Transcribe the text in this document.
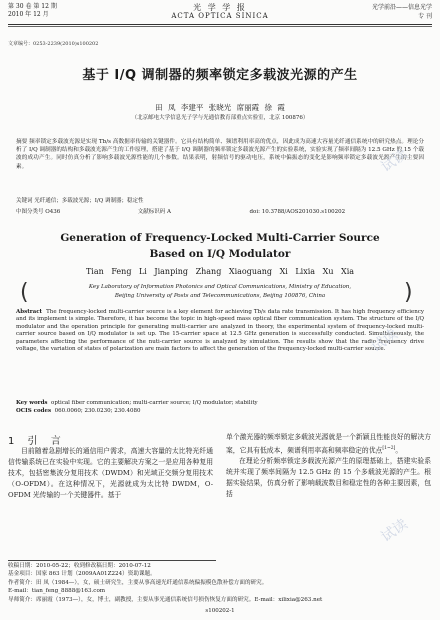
第 30 卷 第 12 期
2010 年 12 月
光 学 学 报
ACTA OPTICA SINICA
光学前沿——信息光学
专 刊
文章编号：0253-2239(2010)s100202
基于 I/Q 调制器的频率锁定多载波光源的产生
田 凤 李建平 张晓光 席丽霞 徐 霞
（北京邮电大学信息光子学与光通信教育部重点实验室，北京 100876）
摘要 频率锁定多载波光源是实现 Tb/s 高数据率传输的关键器件。它具有结构简单、频谱利用率高的优点，因此成为高速大容量光纤通信系统中的研究热点。理论分析了 I/Q 调制器的结构和多载波光源产生的工作原理，搭建了基于 I/Q 调制器的频率锁定多载波光源产生的实验系统，实验实现了频率间隔为 12.5 GHz 的 15 个载波的成功产生。同时仿真分析了影响多载波光源性能的几个参数。结果表明，射频信号的驱动电压，系统中偏振态的变化是影响频率锁定多载波光源产生的主要因素。
关键词 光纤通信；多载波光源；I/Q 调制器；稳定性
中图分类号 O436	文献标识码 A	doi: 10.3788/AOS201030.s100202
Generation of Frequency-Locked Multi-Carrier Source
Based on I/Q Modulator
Tian Feng Li Jianping Zhang Xiaoguang Xi Lixia Xu Xia
(	)
Key Laboratory of Information Photonics and Optical Communications, Ministry of Education,
Beijing University of Posts and Telecommunications, Beijing 100876, China
Abstract The frequency-locked multi-carrier source is a key element for achieving Tb/s data rate transmission. It has high frequency efficiency and its implement is simple. Therefore, it has become the topic in high-speed mass optical fiber communication system. The structure of the I/Q modulator and the operation principle for generating multi-carrier are analyzed in theory, the experimental system of frequency-locked multi-carrier source based on I/Q modulator is set up. The 15-carrier space at 12.5 GHz generation is successfully conducted. Simultaneously, the parameters affecting the performance of the nuti-carrier source is analyzed by simulation. The results show that the radio frequency drive voltage, the variation of states of polarization are main factors to affect the generation of the frequency-locked multi-carrier source.
Key words optical fiber communication; multi-carrier source; I/Q modulator; stability
OCIS codes 060.0060; 230.0230; 230.4080
1 引 言
目前随着急剧增长的通信用户需求，高速大容量的太比特光纤通信传输系统已在实验中实现。它的主要解决方案之一是应用各种复用技术，包括密集波分复用技术（DWDM）和光域正交频分复用技术（O-OFDM）。在这种情况下，光源就成为太比特 DWDM，O-OFDM 光传输的一个关键器件。基于

单个激光器的频率锁定多载波光源就是一个新颖且性能良好的解决方案，它具有低成本，频谱利用率高和频率稳定的优点[1~2]。

在理论分析频率锁定多载波光源产生的原理基础上，搭建实验系统并实现了频率间隔为 12.5 GHz 的 15 个多载波光源的产生。根据实验结果，仿真分析了影响载波数目和稳定性的各种主要因素，包括

收稿日期：2010-05-22；收到修改稿日期：2010-07-12
基金项目：国家 863 计划（2009AA01Z224）资助课题。
作者简介：田 凤（1984—），女，硕士研究生，主要从事高速光纤通信系统偏振模色散补偿方面的研究。
E-mail：tian_feng_8888@163.com
导师简介：席丽霞（1973—），女，博士，副教授，主要从事光通信系统信号损伤恢复方面的研究。E-mail：xilixia@263.net
s100202-1
试读
试读
试读
